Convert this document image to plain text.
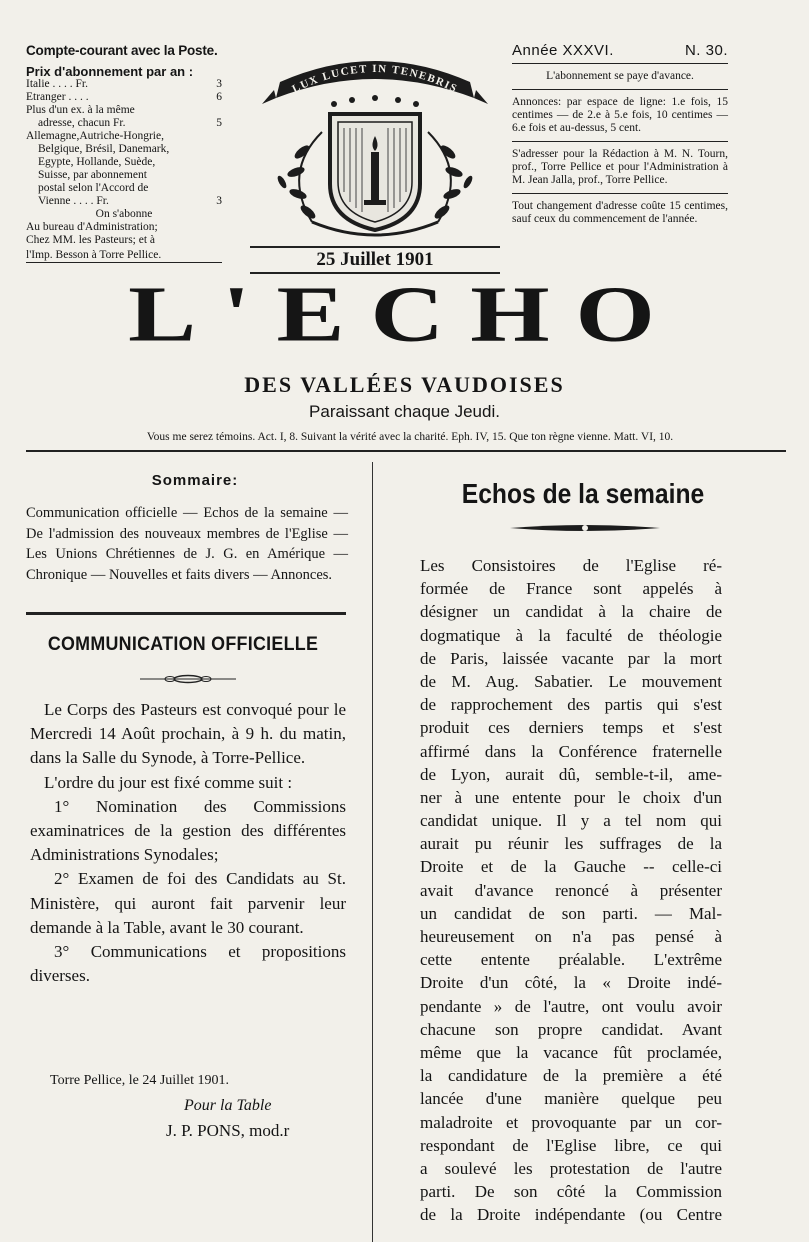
Compte-courant avec la Poste.
Prix d'abonnement par an :
Italie . . . . Fr.	3
Etranger . . . .	6
Plus d'un ex. à la même
adresse, chacun Fr.	5
Allemagne,Autriche-Hongrie,
Belgique, Brésil, Danemark,
Egypte, Hollande, Suède,
Suisse, par abonnement
postal selon l'Accord de
Vienne . . . . Fr.	3
On s'abonne
Au bureau d'Administration;
Chez MM. les Pasteurs; et à
l'Imp. Besson à Torre Pellice.
LUX LUCET IN TENEBRIS
25 Juillet 1901
Année XXXVI.	N. 30.

L'abonnement se paye d'avance.

Annonces: par espace de ligne: 1.e fois, 15 centimes — de 2.e à 5.e fois, 10 centimes — 6.e fois et au-dessus, 5 cent.

S'adresser pour la Rédaction à M. N. Tourn, prof., Torre Pellice et pour l'Administration à M. Jean Jalla, prof., Torre Pellice.

Tout changement d'adresse coûte 15 centimes, sauf ceux du commencement de l'année.

L'ECHO
DES VALLÉES VAUDOISES
Paraissant chaque Jeudi.
Vous me serez témoins. Act. I, 8. Suivant la vérité avec la charité. Eph. IV, 15. Que ton règne vienne. Matt. VI, 10.
Sommaire:
Communication officielle — Echos de la semaine — De l'admission des nouveaux membres de l'Eglise — Les Unions Chrétiennes de J. G. en Amérique — Chronique — Nouvelles et faits divers — Annonces.
COMMUNICATION OFFICIELLE

Le Corps des Pasteurs est convoqué pour le Mercredi 14 Août prochain, à 9 h. du matin, dans la Salle du Synode, à Torre-Pellice.

L'ordre du jour est fixé comme suit :

1° Nomination des Commissions examinatrices de la gestion des différentes Administrations Synodales;

2° Examen de foi des Candidats au St. Ministère, qui auront fait parvenir leur demande à la Table, avant le 30 courant.

3° Communications et propositions diverses.

Torre Pellice, le 24 Juillet 1901.
Pour la Table
J. P. PONS, mod.r
Echos de la semaine
Les Consistoires de l'Eglise ré-
formée de France sont appelés à
désigner un candidat à la chaire de
dogmatique à la faculté de théologie
de Paris, laissée vacante par la mort
de M. Aug. Sabatier. Le mouvement
de rapprochement des partis qui s'est
produit ces derniers temps et s'est
affirmé dans la Conférence fraternelle
de Lyon, aurait dû, semble-t-il, ame-
ner à une entente pour le choix d'un
candidat unique. Il y a tel nom qui
aurait pu réunir les suffrages de la
Droite et de la Gauche -- celle-ci
avait d'avance renoncé à présenter
un candidat de son parti. — Mal-
heureusement on n'a pas pensé à
cette entente préalable. L'extrême
Droite d'un côté, la « Droite indé-
pendante » de l'autre, ont voulu avoir
chacune son propre candidat. Avant
même que la vacance fût proclamée,
la candidature de la première a été
lancée d'une manière quelque peu
maladroite et provoquante par un cor-
respondant de l'Eglise libre, ce qui
a soulevé les protestation de l'autre
parti. De son côté la Commission
de la Droite indépendante (ou Centre
